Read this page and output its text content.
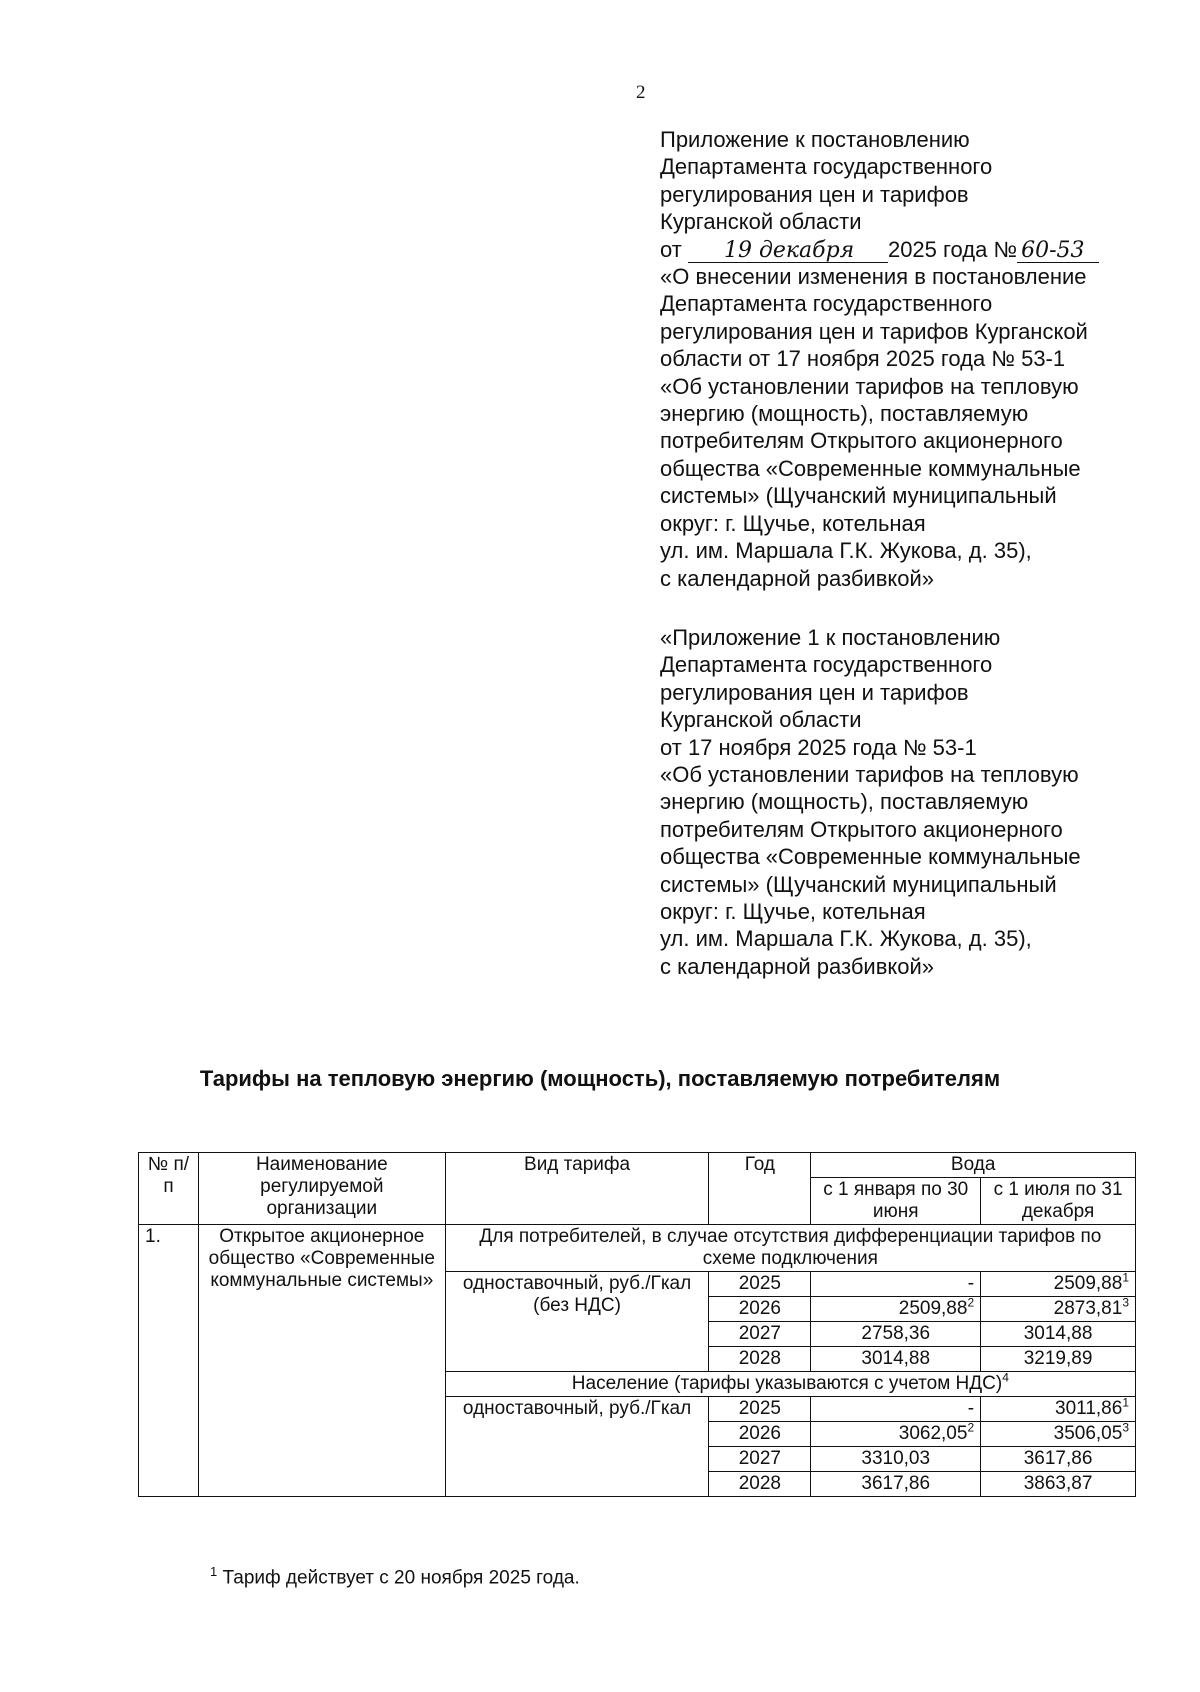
2
Приложение к постановлению
Департамента государственного
регулирования цен и тарифов
Курганской области
от 19 декабря 2025 года № 60-53
«О внесении изменения в постановление
Департамента государственного
регулирования цен и тарифов Курганской
области от 17 ноября 2025 года № 53-1
«Об установлении тарифов на тепловую
энергию (мощность), поставляемую
потребителям Открытого акционерного
общества «Современные коммунальные
системы» (Щучанский муниципальный
округ: г. Щучье, котельная
ул. им. Маршала Г.К. Жукова, д. 35),
с календарной разбивкой»
«Приложение 1 к постановлению
Департамента государственного
регулирования цен и тарифов
Курганской области
от 17 ноября 2025 года № 53-1
«Об установлении тарифов на тепловую
энергию (мощность), поставляемую
потребителям Открытого акционерного
общества «Современные коммунальные
системы» (Щучанский муниципальный
округ: г. Щучье, котельная
ул. им. Маршала Г.К. Жукова, д. 35),
с календарной разбивкой»
Тарифы на тепловую энергию (мощность), поставляемую потребителям
№ п/п	Наименование регулируемой организации	Вид тарифа	Год	Вода	
				с 1 января по 30 июня	с 1 июля по 31 декабря
1.	Открытое акционерное общество «Современные коммунальные системы»	Для потребителей, в случае отсутствия дифференциации тарифов по схеме подключения			
		одноставочный, руб./Гкал (без НДС)	2025	-	2509,88$^1$
			2026	2509,88$^2$	2873,81$^3$
			2027	2758,36	3014,88
			2028	3014,88	3219,89
		Население (тарифы указываются с учетом НДС)$^4$
		одноставочный, руб./Гкал	2025	-	3011,86$^1$
			2026	3062,05$^2$	3506,05$^3$
			2027	3310,03	3617,86
			2028	3617,86	3863,87
$^1$ Тариф действует с 20 ноября 2025 года.
